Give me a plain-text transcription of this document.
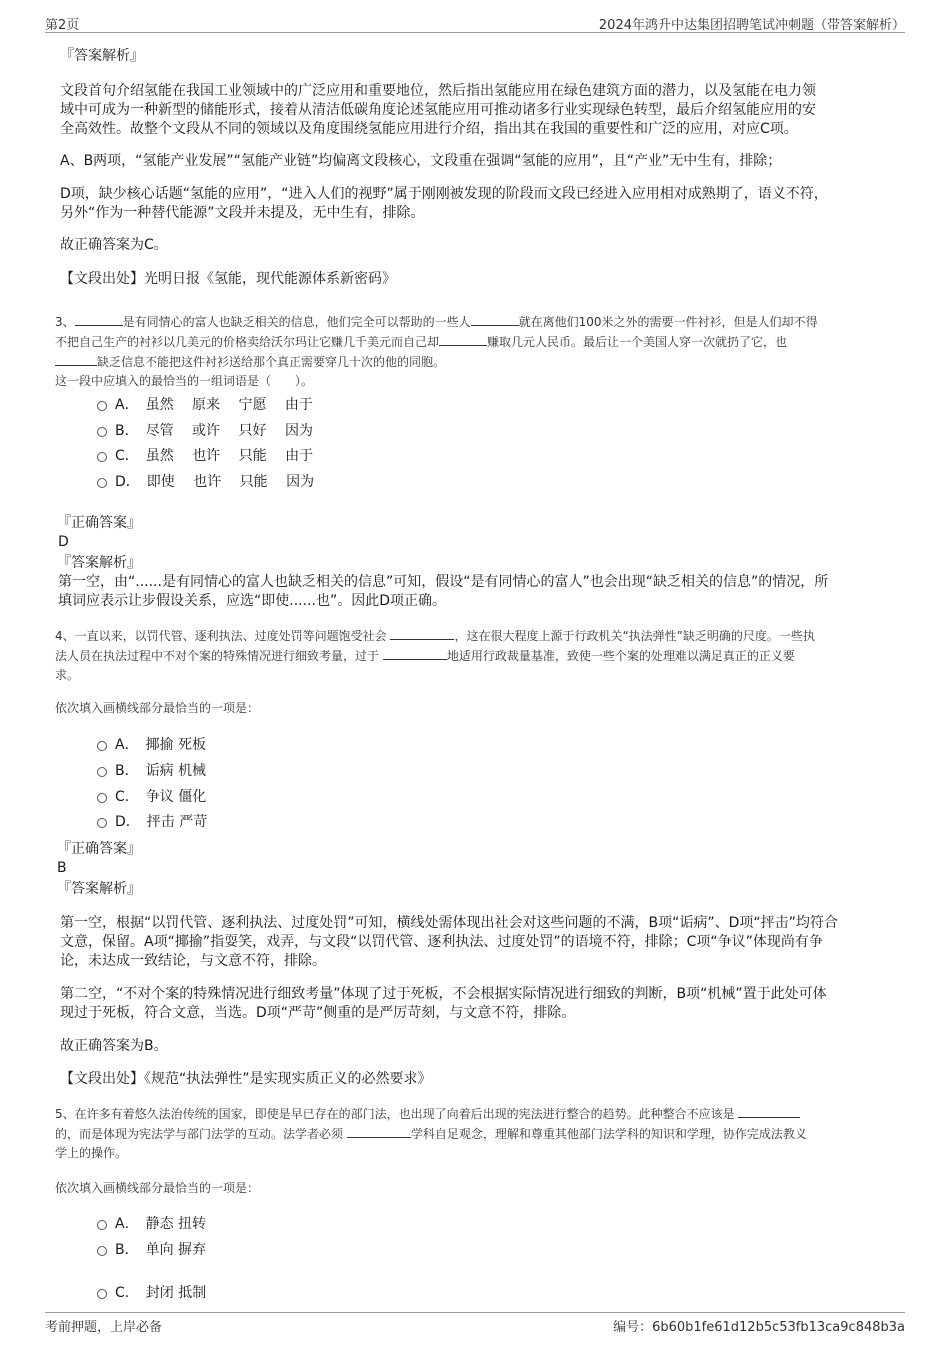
第2页	2024年鸿升中达集团招聘笔试冲刺题（带答案解析）
『答案解析』
文段首句介绍氢能在我国工业领域中的广泛应用和重要地位，然后指出氢能应用在绿色建筑方面的潜力，以及氢能在电力领
域中可成为一种新型的储能形式，接着从清洁低碳角度论述氢能应用可推动诸多行业实现绿色转型，最后介绍氢能应用的安
全高效性。故整个文段从不同的领域以及角度围绕氢能应用进行介绍，指出其在我国的重要性和广泛的应用，对应C项。
A、B两项，“氢能产业发展”“氢能产业链”均偏离文段核心，文段重在强调“氢能的应用”，且“产业”无中生有，排除；
D项，缺少核心话题“氢能的应用”，“进入人们的视野”属于刚刚被发现的阶段而文段已经进入应用相对成熟期了，语义不符，
另外“作为一种替代能源”文段并未提及，无中生有，排除。
故正确答案为C。
【文段出处】光明日报《氢能，现代能源体系新密码》
3、	是有同情心的富人也缺乏相关的信息，他们完全可以帮助的一些人	就在离他们100米之外的需要一件衬衫，但是人们却不得
不把自己生产的衬衫以几美元的价格卖给沃尔玛让它赚几千美元而自己却	赚取几元人民币。最后让一个美国人穿一次就扔了它，也
缺乏信息不能把这件衬衫送给那个真正需要穿几十次的他的同胞。
这一段中应填入的最恰当的一组词语是（　　）。
A．　虽然　 原来　 宁愿　 由于
B．　尽管　 或许　 只好　 因为
C．　虽然　 也许　 只能　 由于
D．　即使　 也许　 只能　 因为
『正确答案』
D
『答案解析』
第一空，由“......是有同情心的富人也缺乏相关的信息”可知，假设“是有同情心的富人”也会出现“缺乏相关的信息”的情况，所
填词应表示让步假设关系，应选“即使......也”。因此D项正确。
4、一直以来，以罚代管、逐利执法、过度处罚等问题饱受社会	，这在很大程度上源于行政机关“执法弹性”缺乏明确的尺度。一些执
法人员在执法过程中不对个案的特殊情况进行细致考量，过于	地适用行政裁量基准，致使一些个案的处理难以满足真正的正义要
求。
依次填入画横线部分最恰当的一项是：
A．　揶揄 死板
B．　诟病 机械
C．　争议 僵化
D．　抨击 严苛
『正确答案』
B
『答案解析』
第一空，根据“以罚代管、逐利执法、过度处罚”可知，横线处需体现出社会对这些问题的不满，B项“诟病”、D项“抨击”均符合
文意，保留。A项“揶揄”指耍笑，戏弄，与文段“以罚代管、逐利执法、过度处罚”的语境不符，排除；C项“争议”体现尚有争
论，未达成一致结论，与文意不符，排除。
第二空，“不对个案的特殊情况进行细致考量”体现了过于死板，不会根据实际情况进行细致的判断，B项“机械”置于此处可体
现过于死板，符合文意，当选。D项“严苛”侧重的是严厉苛刻，与文意不符，排除。
故正确答案为B。
【文段出处】《规范“执法弹性”是实现实质正义的必然要求》
5、在许多有着悠久法治传统的国家，即使是早已存在的部门法，也出现了向着后出现的宪法进行整合的趋势。此种整合不应该是
的，而是体现为宪法学与部门法学的互动。法学者必须	学科自足观念，理解和尊重其他部门法学科的知识和学理，协作完成法教义
学上的操作。
依次填入画横线部分最恰当的一项是：
A．　静态 扭转
B．　单向 摒弃
C．　封闭 抵制
考前押题，上岸必备	编号：6b60b1fe61d12b5c53fb13ca9c848b3a
